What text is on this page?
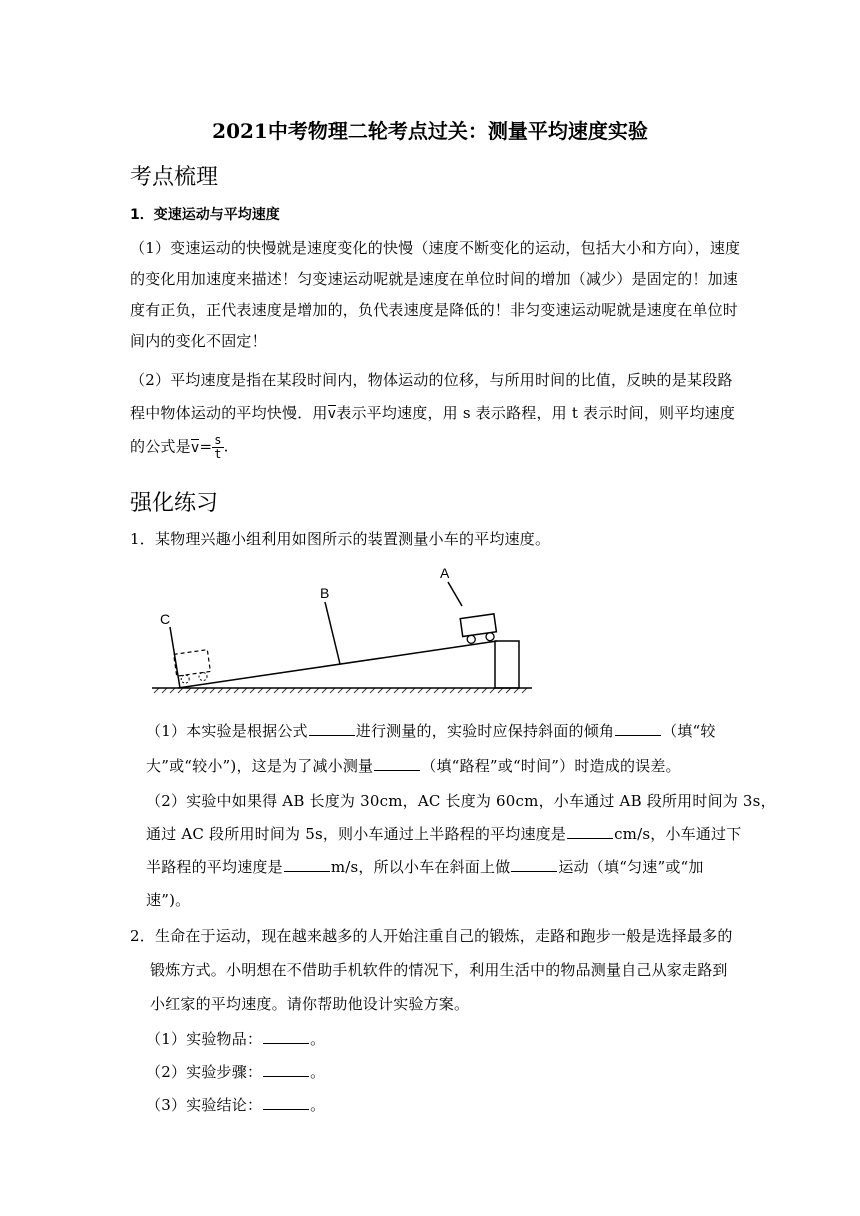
2021中考物理二轮考点过关：测量平均速度实验
考点梳理
1．变速运动与平均速度
（1）变速运动的快慢就是速度变化的快慢（速度不断变化的运动，包括大小和方向），速度
的变化用加速度来描述！匀变速运动呢就是速度在单位时间的增加（减少）是固定的！加速
度有正负，正代表速度是增加的，负代表速度是降低的！非匀变速运动呢就是速度在单位时
间内的变化不固定！
（2）平均速度是指在某段时间内，物体运动的位移，与所用时间的比值，反映的是某段路
程中物体运动的平均快慢．用v表示平均速度，用 s 表示路程，用 t 表示时间，则平均速度
的公式是$v= \frac{s}{t}$ .
强化练习
1．某物理兴趣小组利用如图所示的装置测量小车的平均速度。
C
B
A
（1）本实验是根据公式	进行测量的，实验时应保持斜面的倾角	（填“较
大”或“较小”)，这是为了减小测量	（填“路程”或“时间”）时造成的误差。
（2）实验中如果得 AB 长度为 30cm，AC 长度为 60cm，小车通过 AB 段所用时间为 3s，
通过 AC 段所用时间为 5s，则小车通过上半路程的平均速度是	cm/s，小车通过下
半路程的平均速度是	m/s，所以小车在斜面上做	运动（填“匀速”或“加
速”)。
2．生命在于运动，现在越来越多的人开始注重自己的锻炼，走路和跑步一般是选择最多的
锻炼方式。小明想在不借助手机软件的情况下，利用生活中的物品测量自己从家走路到
小红家的平均速度。请你帮助他设计实验方案。
（1）实验物品：	。
（2）实验步骤：	。
（3）实验结论：	。
